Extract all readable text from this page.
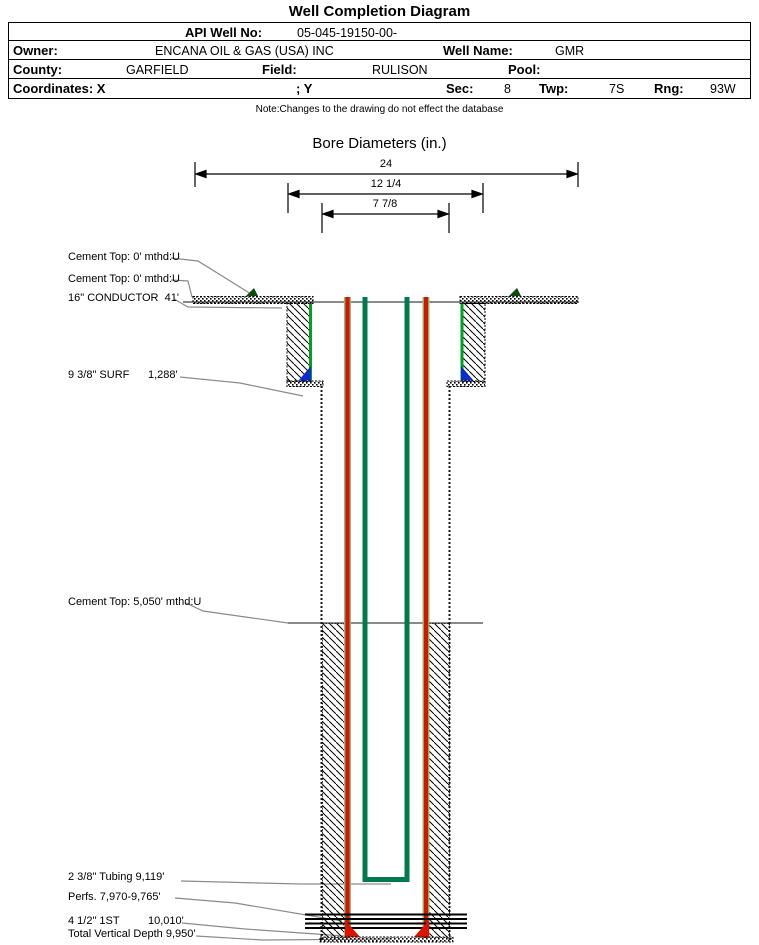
Well Completion Diagram
API Well No:	05-045-19150-00-
Owner:	ENCANA OIL & GAS (USA) INC	Well Name:	GMR
County:	GARFIELD	Field:	RULISON	Pool:
Coordinates: X	; Y	Sec: 8 Twp:	7S Rng: 93W
Note:Changes to the drawing do not effect the database
Bore Diameters (in.)
24
12 1/4
7 7/8
Cement Top: 0' mthd:U
Cement Top: 0' mthd:U
16" CONDUCTOR  41'
9 3/8" SURF 1,288'
Cement Top: 5,050' mthd:U
2 3/8" Tubing 9,119'
Perfs. 7,970-9,765'
4 1/2" 1ST	10,010'
Total Vertical Depth 9,950'
